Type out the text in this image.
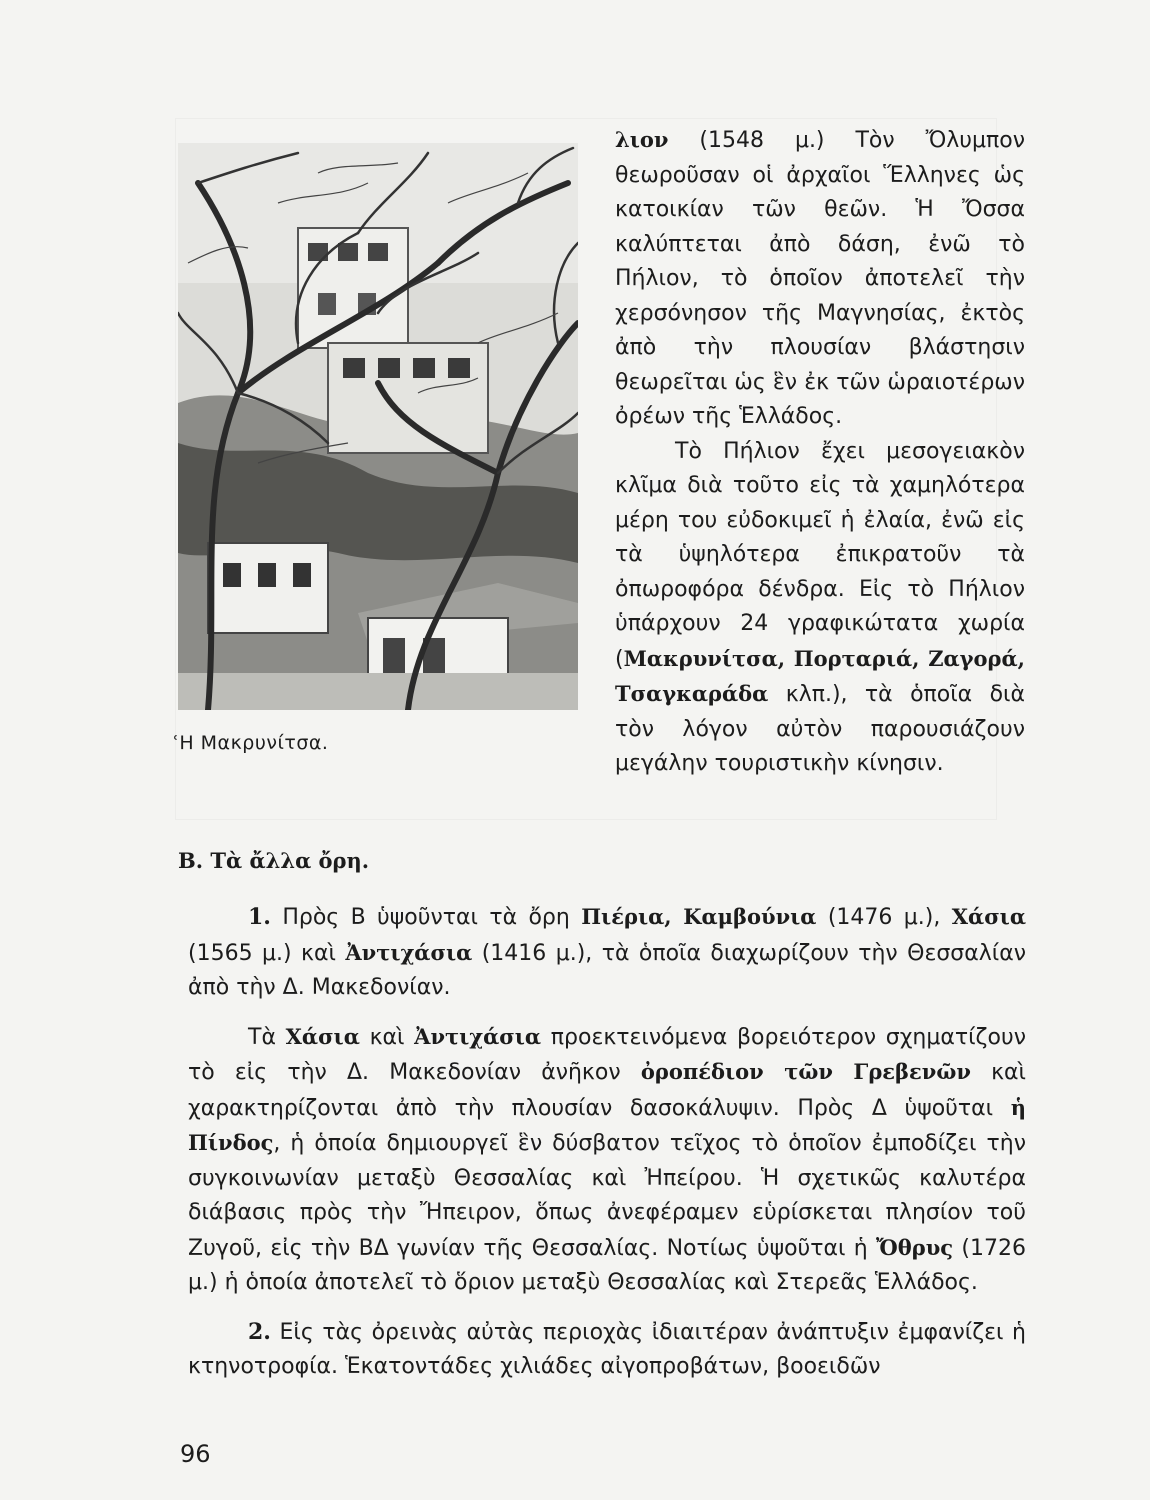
ʿΗ Μακρυνίτσα.

λιον (1548 μ.) Τὸν Ὄλυμπον θεωροῦσαν οἱ ἀρχαῖοι Ἕλληνες ὡς κατοικίαν τῶν θεῶν. Ἡ Ὄσσα καλύπτεται ἀπὸ δάση, ἐνῶ τὸ Πήλιον, τὸ ὁποῖον ἀποτελεῖ τὴν χερσόνησον τῆς Μαγνησίας, ἐκτὸς ἀπὸ τὴν πλουσίαν βλάστησιν θεωρεῖται ὡς ἓν ἐκ τῶν ὡραιοτέρων ὀρέων τῆς Ἑλλάδος.

Τὸ Πήλιον ἔχει μεσογειακὸν κλῖμα διὰ τοῦτο εἰς τὰ χαμηλότερα μέρη του εὐδοκιμεῖ ἡ ἐλαία, ἐνῶ εἰς τὰ ὑψηλότερα ἐπικρατοῦν τὰ ὀπωροφόρα δένδρα. Εἰς τὸ Πήλιον ὑπάρχουν 24 γραφικώτατα χωρία (Μακρυνίτσα, Πορταριά, Ζαγορά, Τσαγκαράδα κλπ.), τὰ ὁποῖα διὰ τὸν λόγον αὐτὸν παρουσιάζουν μεγάλην τουριστικὴν κίνησιν.

Β. Τὰ ἄλλα ὄρη.

1. Πρὸς Β ὑψοῦνται τὰ ὄρη Πιέρια, Καμβούνια (1476 μ.), Χάσια (1565 μ.) καὶ Ἀντιχάσια (1416 μ.), τὰ ὁποῖα διαχωρίζουν τὴν Θεσσαλίαν ἀπὸ τὴν Δ. Μακεδονίαν.

Τὰ Χάσια καὶ Ἀντιχάσια προεκτεινόμενα βορειότερον σχηματίζουν τὸ εἰς τὴν Δ. Μακεδονίαν ἀνῆκον ὀροπέδιον τῶν Γρεβενῶν καὶ χαρακτηρίζονται ἀπὸ τὴν πλουσίαν δασοκάλυψιν. Πρὸς Δ ὑψοῦται ἡ Πίνδος, ἡ ὁποία δημιουργεῖ ἓν δύσβατον τεῖχος τὸ ὁποῖον ἐμποδίζει τὴν συγκοινωνίαν μεταξὺ Θεσσαλίας καὶ Ἠπείρου. Ἡ σχετικῶς καλυτέρα διάβασις πρὸς τὴν Ἤπειρον, ὅπως ἀνεφέραμεν εὑρίσκεται πλησίον τοῦ Ζυγοῦ, εἰς τὴν ΒΔ γωνίαν τῆς Θεσσαλίας. Νοτίως ὑψοῦται ἡ Ὄθρυς (1726 μ.) ἡ ὁποία ἀποτελεῖ τὸ ὅριον μεταξὺ Θεσσαλίας καὶ Στερεᾶς Ἑλλάδος.

2. Εἰς τὰς ὀρεινὰς αὐτὰς περιοχὰς ἰδιαιτέραν ἀνάπτυξιν ἐμφανίζει ἡ κτηνοτροφία. Ἑκατοντάδες χιλιάδες αἰγοπροβάτων, βοοειδῶν

96
